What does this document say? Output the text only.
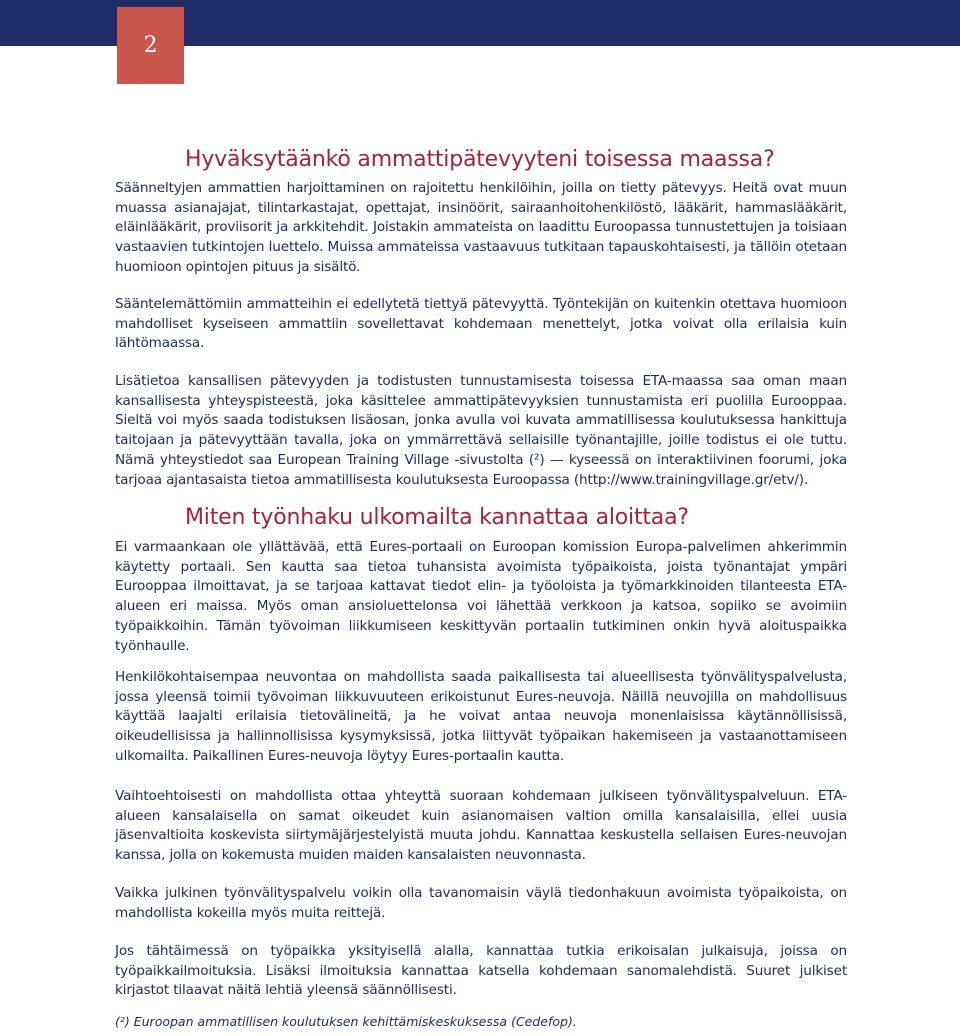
2
Hyväksytäänkö ammattipätevyyteni toisessa maassa?

Säänneltyjen ammattien harjoittaminen on rajoitettu henkilöihin, joilla on tietty pätevyys. Heitä ovat muun muassa asianajajat, tilintarkastajat, opettajat, insinöörit, sairaanhoitohenkilöstö, lääkärit, hammaslääkärit, eläinlääkärit, proviisorit ja arkkitehdit. Joistakin ammateista on laadittu Euroopassa tunnustettujen ja toisiaan vastaavien tutkintojen luettelo. Muissa ammateissa vastaavuus tutkitaan tapauskohtaisesti, ja tällöin otetaan huomioon opintojen pituus ja sisältö.

Sääntelemättömiin ammatteihin ei edellytetä tiettyä pätevyyttä. Työntekijän on kuitenkin otettava huomioon mahdolliset kyseiseen ammattiin sovellettavat kohdemaan menettelyt, jotka voivat olla erilaisia kuin lähtömaassa.

Lisätietoa kansallisen pätevyyden ja todistusten tunnustamisesta toisessa ETA-maassa saa oman maan kansallisesta yhteyspisteestä, joka käsittelee ammattipätevyyksien tunnustamista eri puolilla Eurooppaa. Sieltä voi myös saada todistuksen lisäosan, jonka avulla voi kuvata ammatillisessa koulutuksessa hankittuja taitojaan ja pätevyyttään tavalla, joka on ymmärrettävä sellaisille työnantajille, joille todistus ei ole tuttu. Nämä yhteystiedot saa European Training Village -sivustolta (²) — kyseessä on interaktiivinen foorumi, joka tarjoaa ajantasaista tietoa ammatillisesta koulutuksesta Euroopassa (http://www.trainingvillage.gr/etv/).

Miten työnhaku ulkomailta kannattaa aloittaa?

Ei varmaankaan ole yllättävää, että Eures-portaali on Euroopan komission Europa-palvelimen ahkerimmin käytetty portaali. Sen kautta saa tietoa tuhansista avoimista työpaikoista, joista työnantajat ympäri Eurooppaa ilmoittavat, ja se tarjoaa kattavat tiedot elin- ja työoloista ja työmarkkinoiden tilanteesta ETA-alueen eri maissa. Myös oman ansioluettelonsa voi lähettää verkkoon ja katsoa, sopiiko se avoimiin työpaikkoihin. Tämän työvoiman liikkumiseen keskittyvän portaalin tutkiminen onkin hyvä aloituspaikka työnhaulle.

Henkilökohtaisempaa neuvontaa on mahdollista saada paikallisesta tai alueellisesta työnvälityspalvelusta, jossa yleensä toimii työvoiman liikkuvuuteen erikoistunut Eures-neuvoja. Näillä neuvojilla on mahdollisuus käyttää laajalti erilaisia tietovälineitä, ja he voivat antaa neuvoja monenlaisissa käytännöllisissä, oikeudellisissa ja hallinnollisissa kysymyksissä, jotka liittyvät työpaikan hakemiseen ja vastaanottamiseen ulkomailta. Paikallinen Eures-neuvoja löytyy Eures-portaalin kautta.

Vaihtoehtoisesti on mahdollista ottaa yhteyttä suoraan kohdemaan julkiseen työnvälityspalveluun. ETA-alueen kansalaisella on samat oikeudet kuin asianomaisen valtion omilla kansalaisilla, ellei uusia jäsenvaltioita koskevista siirtymäjärjestelyistä muuta johdu. Kannattaa keskustella sellaisen Eures-neuvojan kanssa, jolla on kokemusta muiden maiden kansalaisten neuvonnasta.

Vaikka julkinen työnvälityspalvelu voikin olla tavanomaisin väylä tiedonhakuun avoimista työpaikoista, on mahdollista kokeilla myös muita reittejä.

Jos tähtäimessä on työpaikka yksityisellä alalla, kannattaa tutkia erikoisalan julkaisuja, joissa on työpaikkailmoituksia. Lisäksi ilmoituksia kannattaa katsella kohdemaan sanomalehdistä. Suuret julkiset kirjastot tilaavat näitä lehtiä yleensä säännöllisesti.

(²) Euroopan ammatillisen koulutuksen kehittämiskeskuksessa (Cedefop).
